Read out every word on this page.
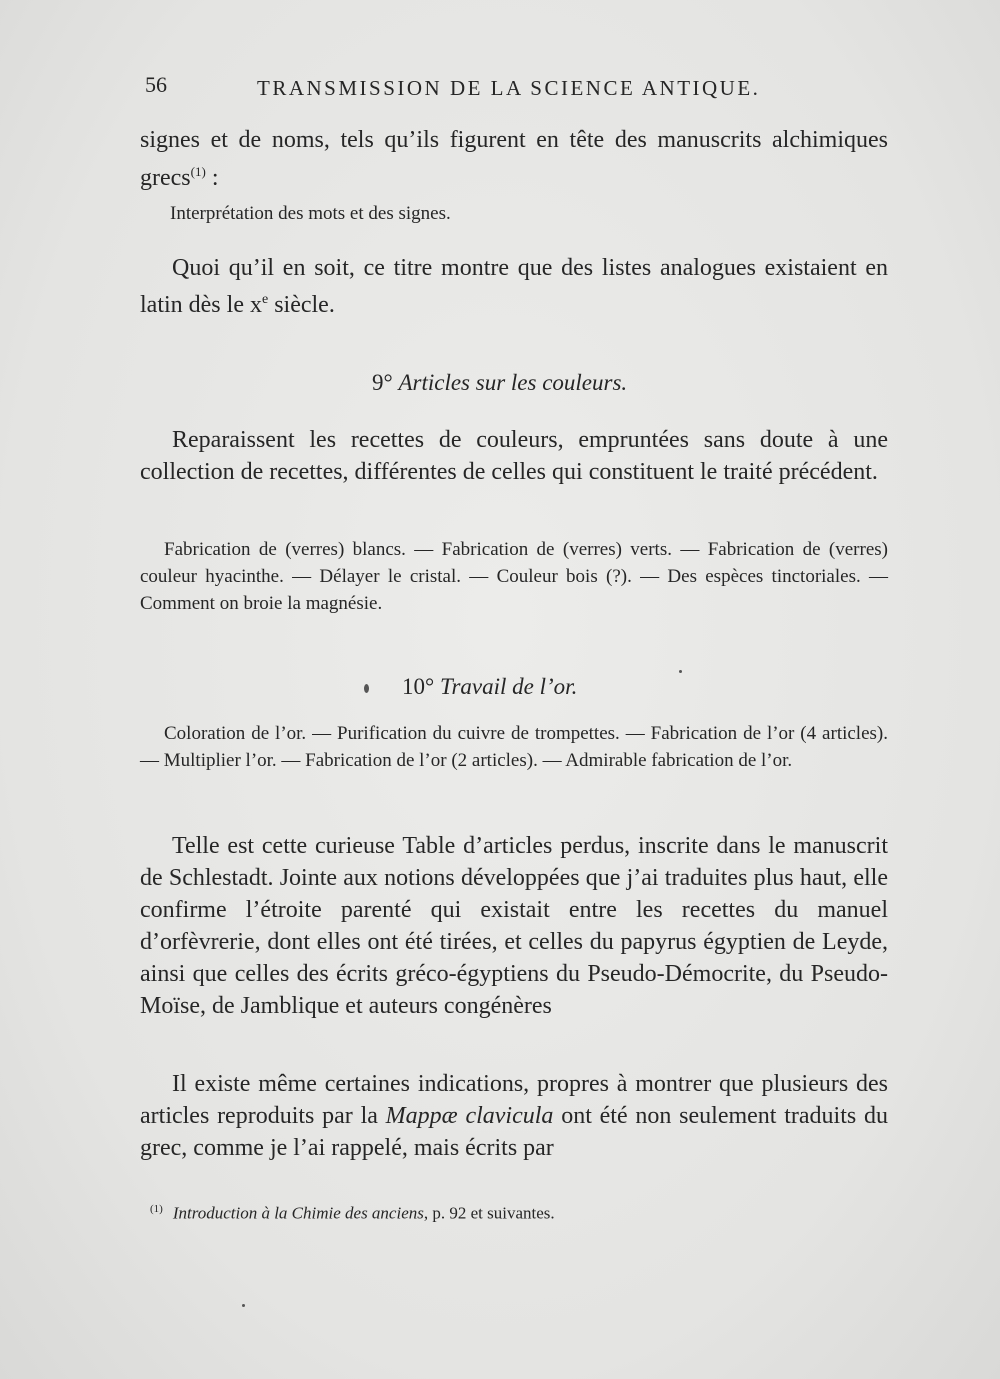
56	TRANSMISSION DE LA SCIENCE ANTIQUE.

signes et de noms, tels qu’ils figurent en tête des manuscrits alchimiques grecs$^{(1)}$ :

Interprétation des mots et des signes.

Quoi qu’il en soit, ce titre montre que des listes analogues existaient en latin dès le $x^e$ siècle.

9° Articles sur les couleurs.

Reparaissent les recettes de couleurs, empruntées sans doute à une collection de recettes, différentes de celles qui constituent le traité précédent.

Fabrication de (verres) blancs. — Fabrication de (verres) verts. — Fabrication de (verres) couleur hyacinthe. — Délayer le cristal. — Couleur bois (?). — Des espèces tinctoriales. — Comment on broie la magnésie.

10° Travail de l’or.

Coloration de l’or. — Purification du cuivre de trompettes. — Fabrication de l’or (4 articles). — Multiplier l’or. — Fabrication de l’or (2 articles). — Admirable fabrication de l’or.

Telle est cette curieuse Table d’articles perdus, inscrite dans le manuscrit de Schlestadt. Jointe aux notions développées que j’ai traduites plus haut, elle confirme l’étroite parenté qui existait entre les recettes du manuel d’orfèvrerie, dont elles ont été tirées, et celles du papyrus égyptien de Leyde, ainsi que celles des écrits gréco-égyptiens du Pseudo-Démocrite, du Pseudo-Moïse, de Jamblique et auteurs congénères

Il existe même certaines indications, propres à montrer que plusieurs des articles reproduits par la Mappæ clavicula ont été non seulement traduits du grec, comme je l’ai rappelé, mais écrits par

$^{(1)}$ Introduction à la Chimie des anciens, p. 92 et suivantes.
